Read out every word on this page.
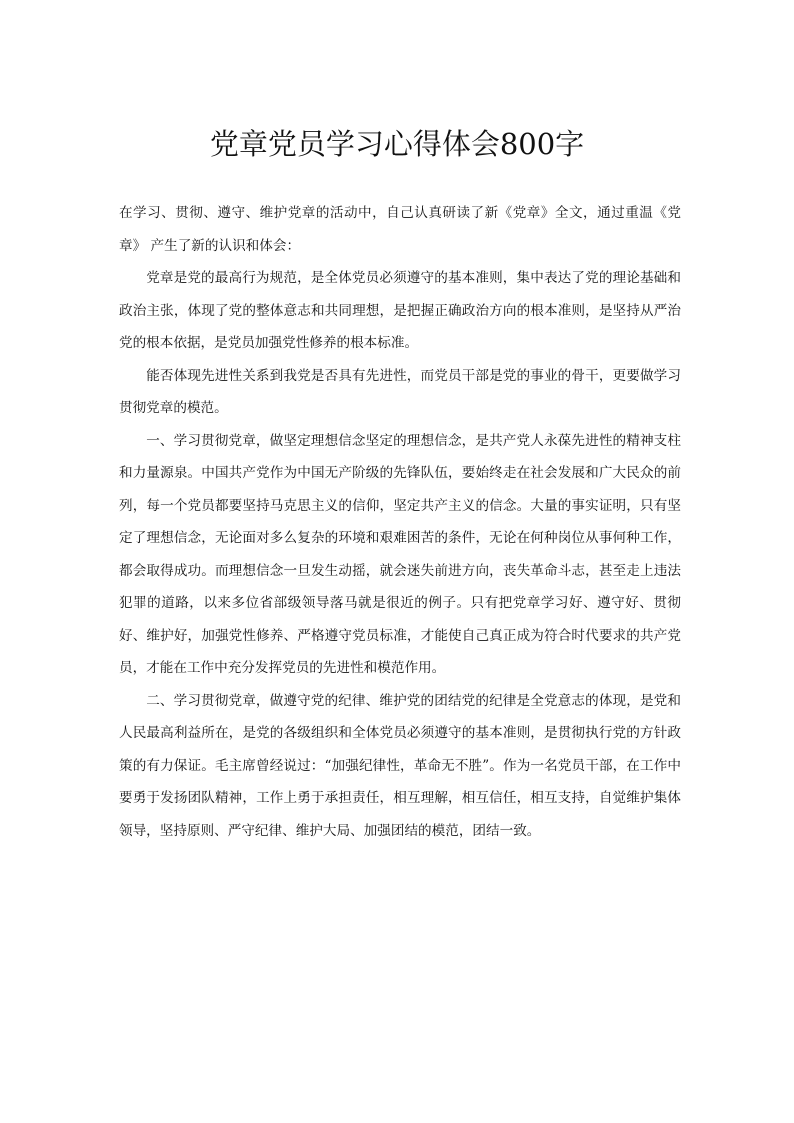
党章党员学习心得体会800字

在学习、贯彻、遵守、维护党章的活动中，自己认真研读了新《党章》全文，通过重温《党章》 产生了新的认识和体会：

党章是党的最高行为规范，是全体党员必须遵守的基本准则，集中表达了党的理论基础和政治主张，体现了党的整体意志和共同理想，是把握正确政治方向的根本准则，是坚持从严治党的根本依据，是党员加强党性修养的根本标准。

能否体现先进性关系到我党是否具有先进性，而党员干部是党的事业的骨干，更要做学习贯彻党章的模范。

一、学习贯彻党章，做坚定理想信念坚定的理想信念，是共产党人永葆先进性的精神支柱和力量源泉。中国共产党作为中国无产阶级的先锋队伍，要始终走在社会发展和广大民众的前列，每一个党员都要坚持马克思主义的信仰，坚定共产主义的信念。大量的事实证明，只有坚定了理想信念，无论面对多么复杂的环境和艰难困苦的条件，无论在何种岗位从事何种工作，都会取得成功。而理想信念一旦发生动摇，就会迷失前进方向，丧失革命斗志，甚至走上违法犯罪的道路，以来多位省部级领导落马就是很近的例子。只有把党章学习好、遵守好、贯彻好、维护好，加强党性修养、严格遵守党员标准，才能使自己真正成为符合时代要求的共产党员，才能在工作中充分发挥党员的先进性和模范作用。

二、学习贯彻党章，做遵守党的纪律、维护党的团结党的纪律是全党意志的体现，是党和人民最高利益所在，是党的各级组织和全体党员必须遵守的基本准则，是贯彻执行党的方针政策的有力保证。毛主席曾经说过：“加强纪律性，革命无不胜”。作为一名党员干部，在工作中要勇于发扬团队精神，工作上勇于承担责任，相互理解，相互信任，相互支持，自觉维护集体领导，坚持原则、严守纪律、维护大局、加强团结的模范，团结一致。
